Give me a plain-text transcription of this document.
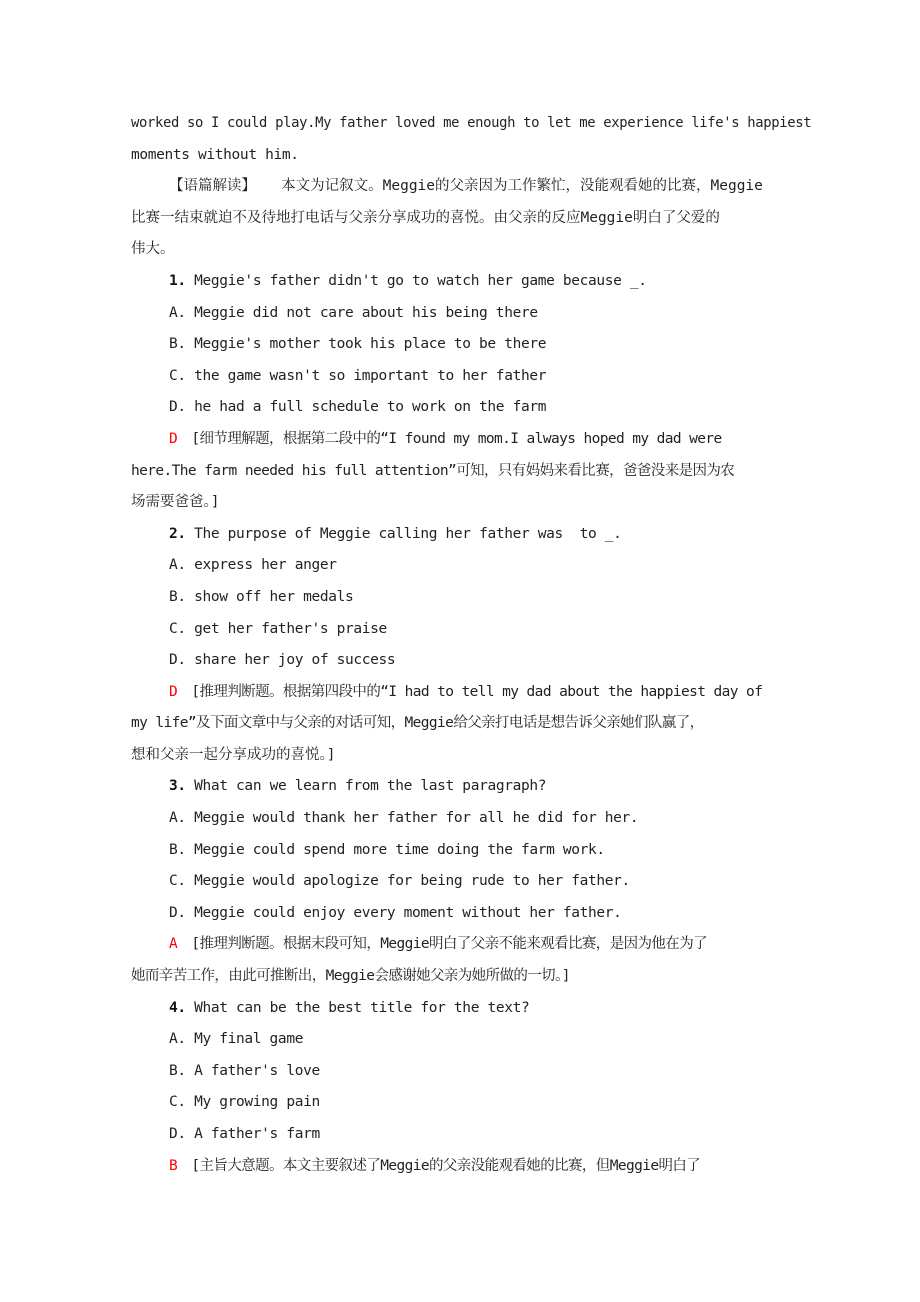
worked so I could play.My father loved me enough to let me experience life's happiest
moments without him.
【语篇解读】 本文为记叙文。Meggie的父亲因为工作繁忙，没能观看她的比赛，Meggie
比赛一结束就迫不及待地打电话与父亲分享成功的喜悦。由父亲的反应Meggie明白了父爱的
伟大。
1. Meggie's father didn't go to watch her game because _.
A. Meggie did not care about his being there
B. Meggie's mother took his place to be there
C. the game wasn't so important to her father
D. he had a full schedule to work on the farm
D [细节理解题，根据第二段中的“I found my mom.I always hoped my dad were
here.The farm needed his full attention”可知，只有妈妈来看比赛，爸爸没来是因为农
场需要爸爸。]
2. The purpose of Meggie calling her father was  to _.
A. express her anger
B. show off her medals
C. get her father's praise
D. share her joy of success
D [推理判断题。根据第四段中的“I had to tell my dad about the happiest day of
my life”及下面文章中与父亲的对话可知，Meggie给父亲打电话是想告诉父亲她们队赢了，
想和父亲一起分享成功的喜悦。]
3. What can we learn from the last paragraph?
A. Meggie would thank her father for all he did for her.
B. Meggie could spend more time doing the farm work.
C. Meggie would apologize for being rude to her father.
D. Meggie could enjoy every moment without her father.
A [推理判断题。根据末段可知，Meggie明白了父亲不能来观看比赛，是因为他在为了
她而辛苦工作，由此可推断出，Meggie会感谢她父亲为她所做的一切。]
4. What can be the best title for the text?
A. My final game
B. A father's love
C. My growing pain
D. A father's farm
B [主旨大意题。本文主要叙述了Meggie的父亲没能观看她的比赛，但Meggie明白了
